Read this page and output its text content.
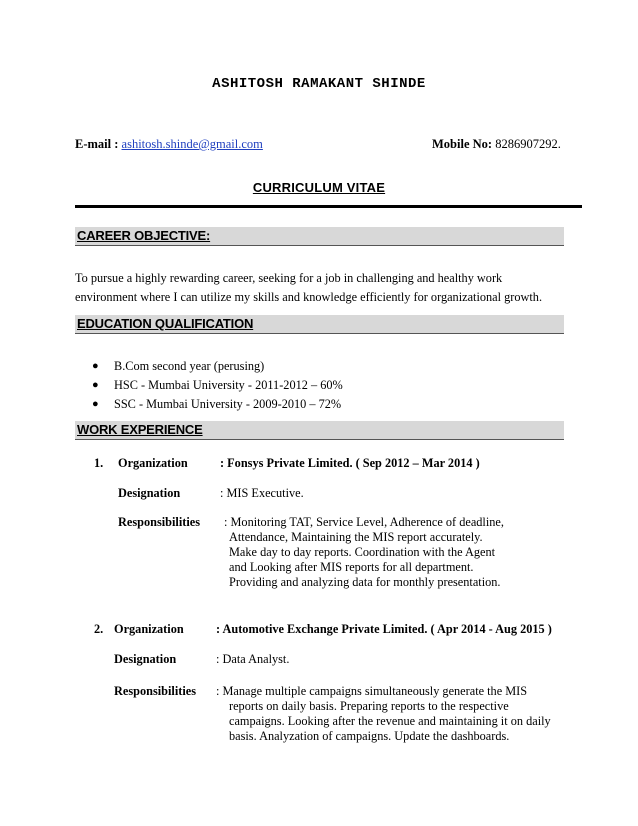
ASHITOSH RAMAKANT SHINDE
E-mail : ashitosh.shinde@gmail.com	Mobile No: 8286907292.
CURRICULUM VITAE
CAREER OBJECTIVE:
To pursue a highly rewarding career, seeking for a job in challenging and healthy work
environment where I can utilize my skills and knowledge efficiently for organizational growth.
EDUCATION QUALIFICATION
● B.Com second year (perusing)
● HSC - Mumbai University - 2011-2012 – 60%
● SSC - Mumbai University - 2009-2010 – 72%
WORK EXPERIENCE
1. Organization	: Fonsys Private Limited. ( Sep 2012 – Mar 2014 )
Designation	: MIS Executive.
Responsibilities : Monitoring TAT, Service Level, Adherence of deadline,
Attendance, Maintaining the MIS report accurately.
Make day to day reports. Coordination with the Agent
and Looking after MIS reports for all department.
Providing and analyzing data for monthly presentation.
2. Organization	: Automotive Exchange Private Limited. ( Apr 2014 - Aug 2015 )
Designation	: Data Analyst.
Responsibilities : Manage multiple campaigns simultaneously generate the MIS
reports on daily basis. Preparing reports to the respective
campaigns. Looking after the revenue and maintaining it on daily
basis. Analyzation of campaigns. Update the dashboards.
